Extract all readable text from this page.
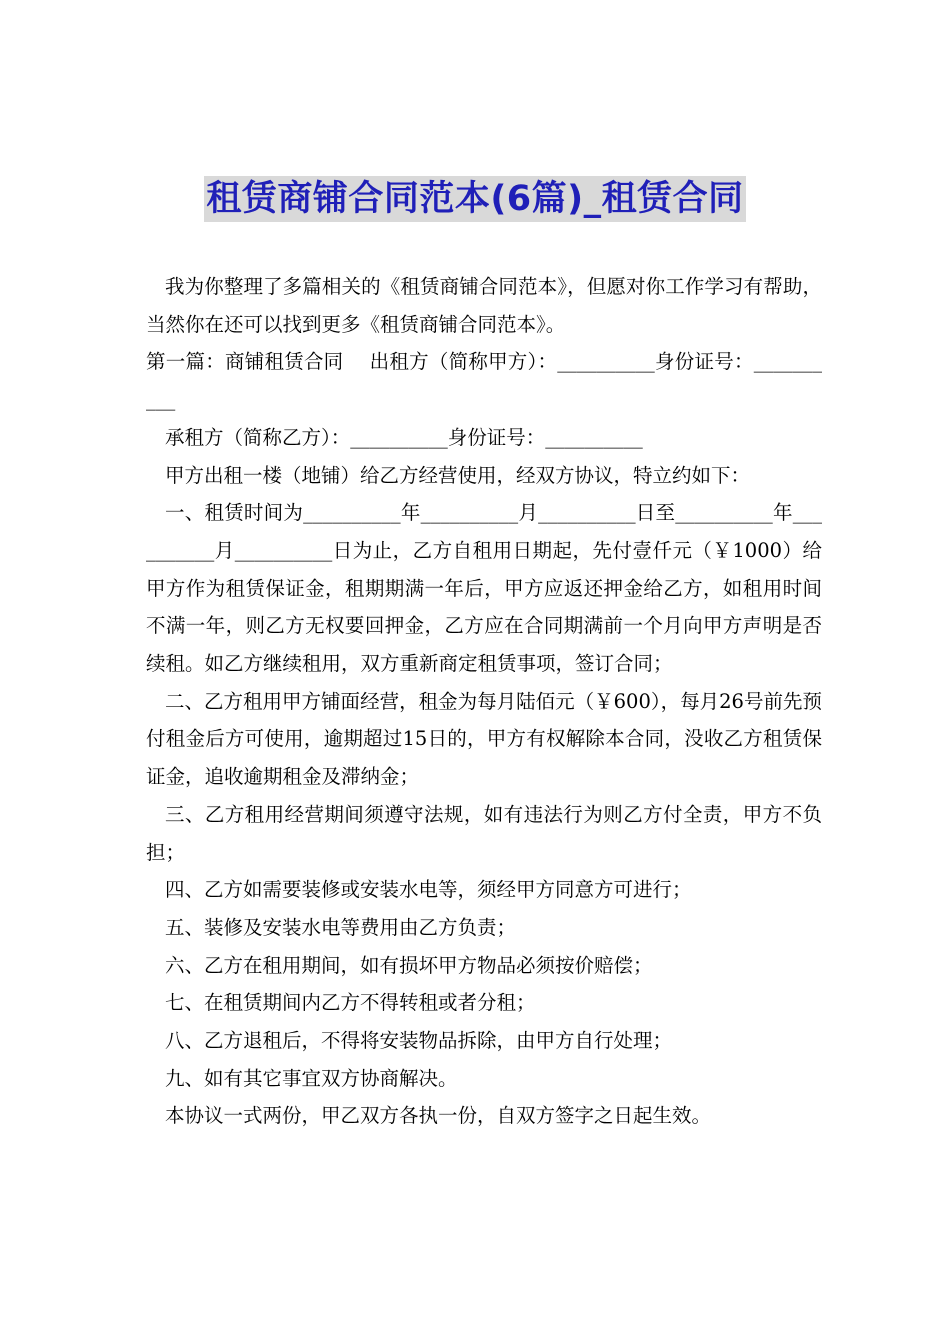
租赁商铺合同范本(6篇)_租赁合同

我为你整理了多篇相关的《租赁商铺合同范本》，但愿对你工作学习有帮助，当然你在还可以找到更多《租赁商铺合同范本》。

第一篇：商铺租赁合同　 出租方（简称甲方）：__________身份证号：__________

承租方（简称乙方）：__________身份证号：__________

甲方出租一楼（地铺）给乙方经营使用，经双方协议，特立约如下：

一、租赁时间为__________年__________月__________日至__________年__________月__________日为止，乙方自租用日期起，先付壹仟元（￥1000）给甲方作为租赁保证金，租期期满一年后，甲方应返还押金给乙方，如租用时间不满一年，则乙方无权要回押金，乙方应在合同期满前一个月向甲方声明是否续租。如乙方继续租用，双方重新商定租赁事项，签订合同；

二、乙方租用甲方铺面经营，租金为每月陆佰元（￥600），每月26号前先预付租金后方可使用，逾期超过15日的，甲方有权解除本合同，没收乙方租赁保证金，追收逾期租金及滞纳金；

三、乙方租用经营期间须遵守法规，如有违法行为则乙方付全责，甲方不负担；

四、乙方如需要装修或安装水电等，须经甲方同意方可进行；

五、装修及安装水电等费用由乙方负责；

六、乙方在租用期间，如有损坏甲方物品必须按价赔偿；

七、在租赁期间内乙方不得转租或者分租；

八、乙方退租后，不得将安装物品拆除，由甲方自行处理；

九、如有其它事宜双方协商解决。

本协议一式两份，甲乙双方各执一份，自双方签字之日起生效。
